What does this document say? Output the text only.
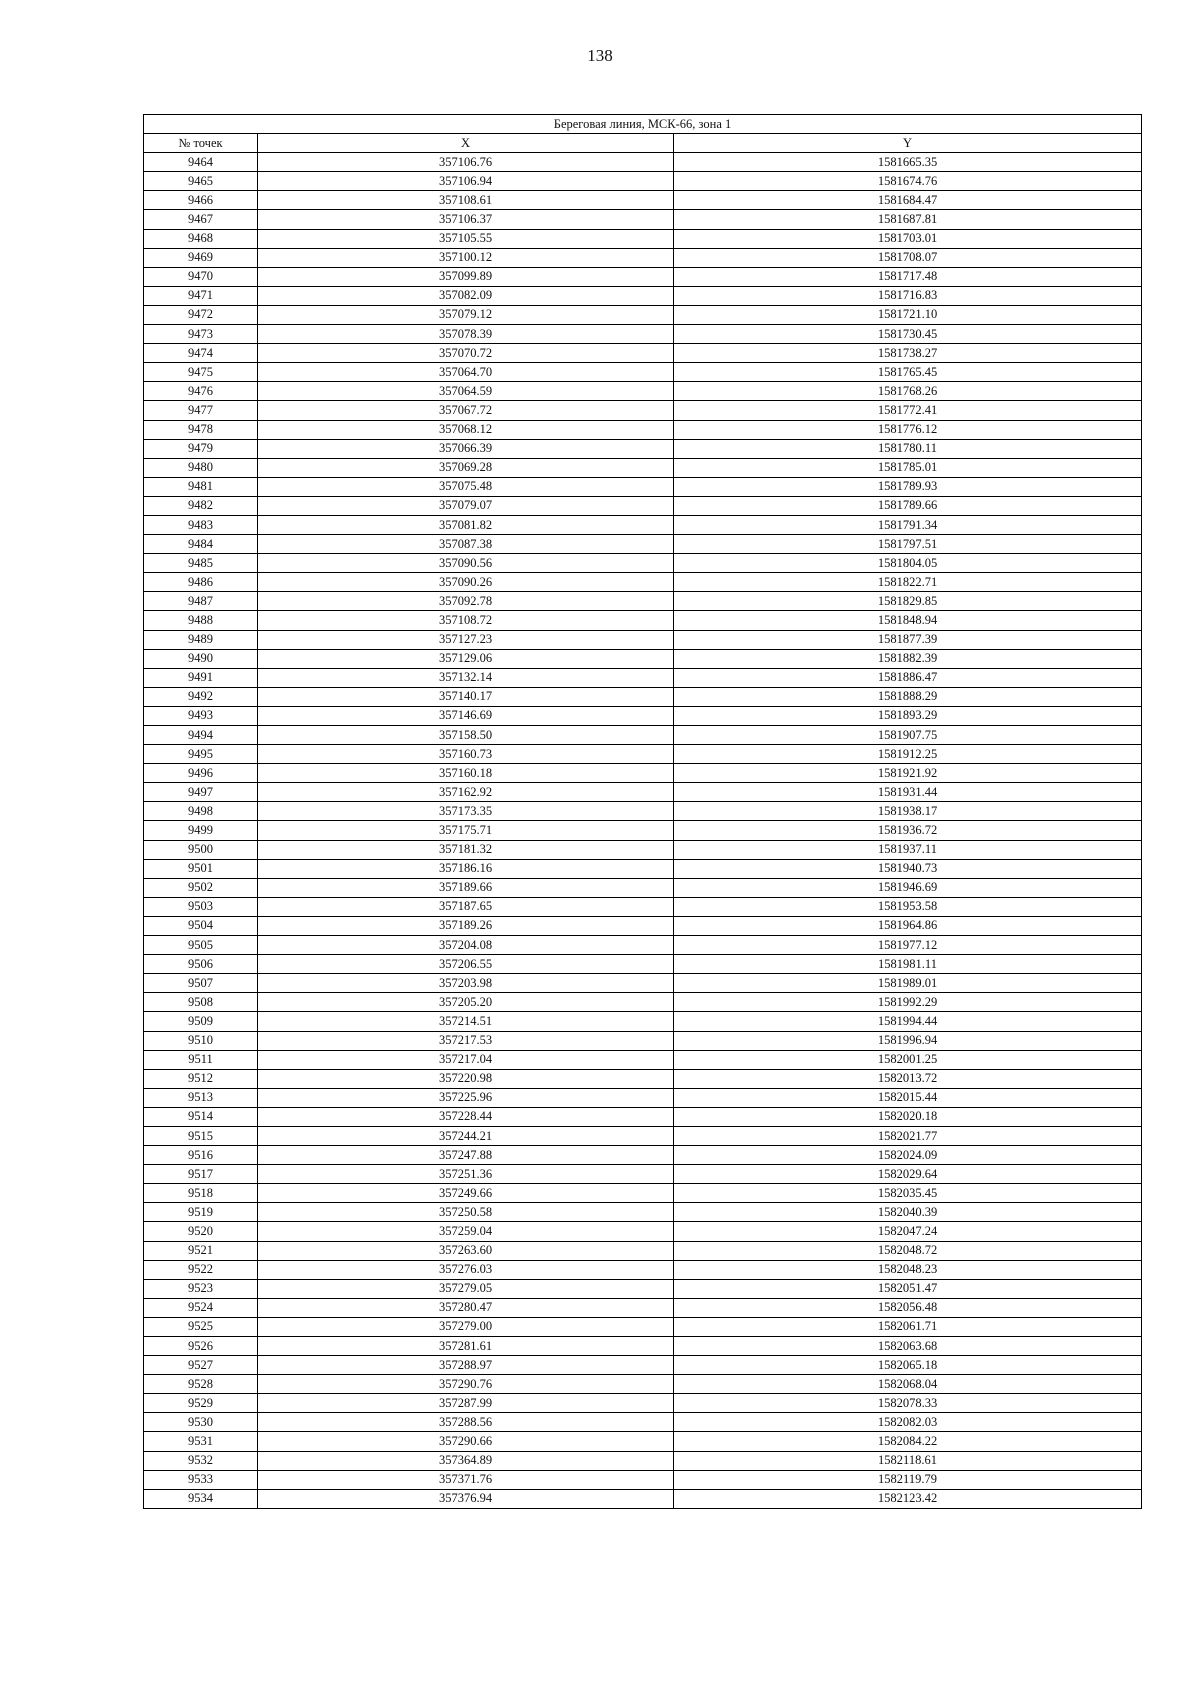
138
Береговая линия, МСК-66, зона 1		
№ точек	X	Y
9464	357106.76	1581665.35
9465	357106.94	1581674.76
9466	357108.61	1581684.47
9467	357106.37	1581687.81
9468	357105.55	1581703.01
9469	357100.12	1581708.07
9470	357099.89	1581717.48
9471	357082.09	1581716.83
9472	357079.12	1581721.10
9473	357078.39	1581730.45
9474	357070.72	1581738.27
9475	357064.70	1581765.45
9476	357064.59	1581768.26
9477	357067.72	1581772.41
9478	357068.12	1581776.12
9479	357066.39	1581780.11
9480	357069.28	1581785.01
9481	357075.48	1581789.93
9482	357079.07	1581789.66
9483	357081.82	1581791.34
9484	357087.38	1581797.51
9485	357090.56	1581804.05
9486	357090.26	1581822.71
9487	357092.78	1581829.85
9488	357108.72	1581848.94
9489	357127.23	1581877.39
9490	357129.06	1581882.39
9491	357132.14	1581886.47
9492	357140.17	1581888.29
9493	357146.69	1581893.29
9494	357158.50	1581907.75
9495	357160.73	1581912.25
9496	357160.18	1581921.92
9497	357162.92	1581931.44
9498	357173.35	1581938.17
9499	357175.71	1581936.72
9500	357181.32	1581937.11
9501	357186.16	1581940.73
9502	357189.66	1581946.69
9503	357187.65	1581953.58
9504	357189.26	1581964.86
9505	357204.08	1581977.12
9506	357206.55	1581981.11
9507	357203.98	1581989.01
9508	357205.20	1581992.29
9509	357214.51	1581994.44
9510	357217.53	1581996.94
9511	357217.04	1582001.25
9512	357220.98	1582013.72
9513	357225.96	1582015.44
9514	357228.44	1582020.18
9515	357244.21	1582021.77
9516	357247.88	1582024.09
9517	357251.36	1582029.64
9518	357249.66	1582035.45
9519	357250.58	1582040.39
9520	357259.04	1582047.24
9521	357263.60	1582048.72
9522	357276.03	1582048.23
9523	357279.05	1582051.47
9524	357280.47	1582056.48
9525	357279.00	1582061.71
9526	357281.61	1582063.68
9527	357288.97	1582065.18
9528	357290.76	1582068.04
9529	357287.99	1582078.33
9530	357288.56	1582082.03
9531	357290.66	1582084.22
9532	357364.89	1582118.61
9533	357371.76	1582119.79
9534	357376.94	1582123.42
